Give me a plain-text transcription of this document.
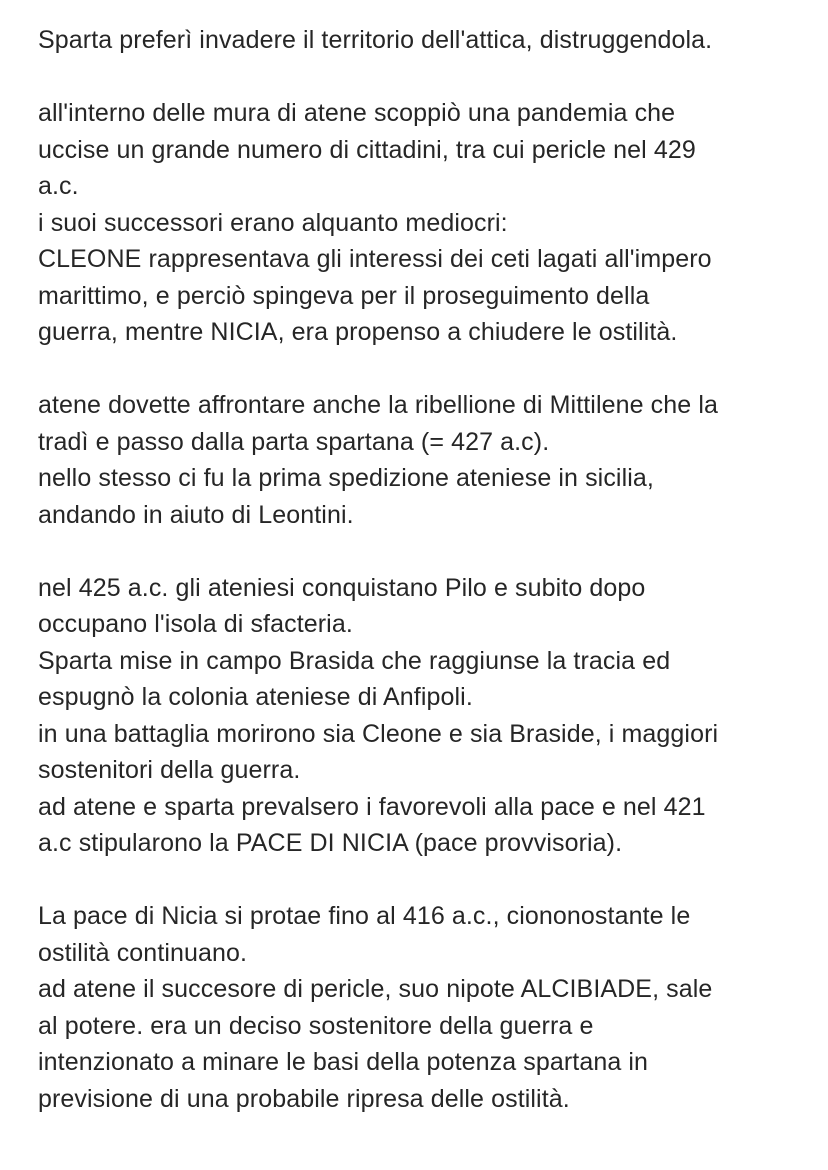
Sparta preferì invadere il territorio dell'attica, distruggendola.
all'interno delle mura di atene scoppiò una pandemia che
uccise un grande numero di cittadini, tra cui pericle nel 429
a.c.
i suoi successori erano alquanto mediocri:
CLEONE rappresentava gli interessi dei ceti lagati all'impero
marittimo, e perciò spingeva per il proseguimento della
guerra, mentre NICIA, era propenso a chiudere le ostilità.
atene dovette affrontare anche la ribellione di Mittilene che la
tradì e passo dalla parta spartana (= 427 a.c).
nello stesso ci fu la prima spedizione ateniese in sicilia,
andando in aiuto di Leontini.
nel 425 a.c. gli ateniesi conquistano Pilo e subito dopo
occupano l'isola di sfacteria.
Sparta mise in campo Brasida che raggiunse la tracia ed
espugnò la colonia ateniese di Anfipoli.
in una battaglia morirono sia Cleone e sia Braside, i maggiori
sostenitori della guerra.
ad atene e sparta prevalsero i favorevoli alla pace e nel 421
a.c stipularono la PACE DI NICIA (pace provvisoria).
La pace di Nicia si protae fino al 416 a.c., ciononostante le
ostilità continuano.
ad atene il succesore di pericle, suo nipote ALCIBIADE, sale
al potere. era un deciso sostenitore della guerra e
intenzionato a minare le basi della potenza spartana in
previsione di una probabile ripresa delle ostilità.
